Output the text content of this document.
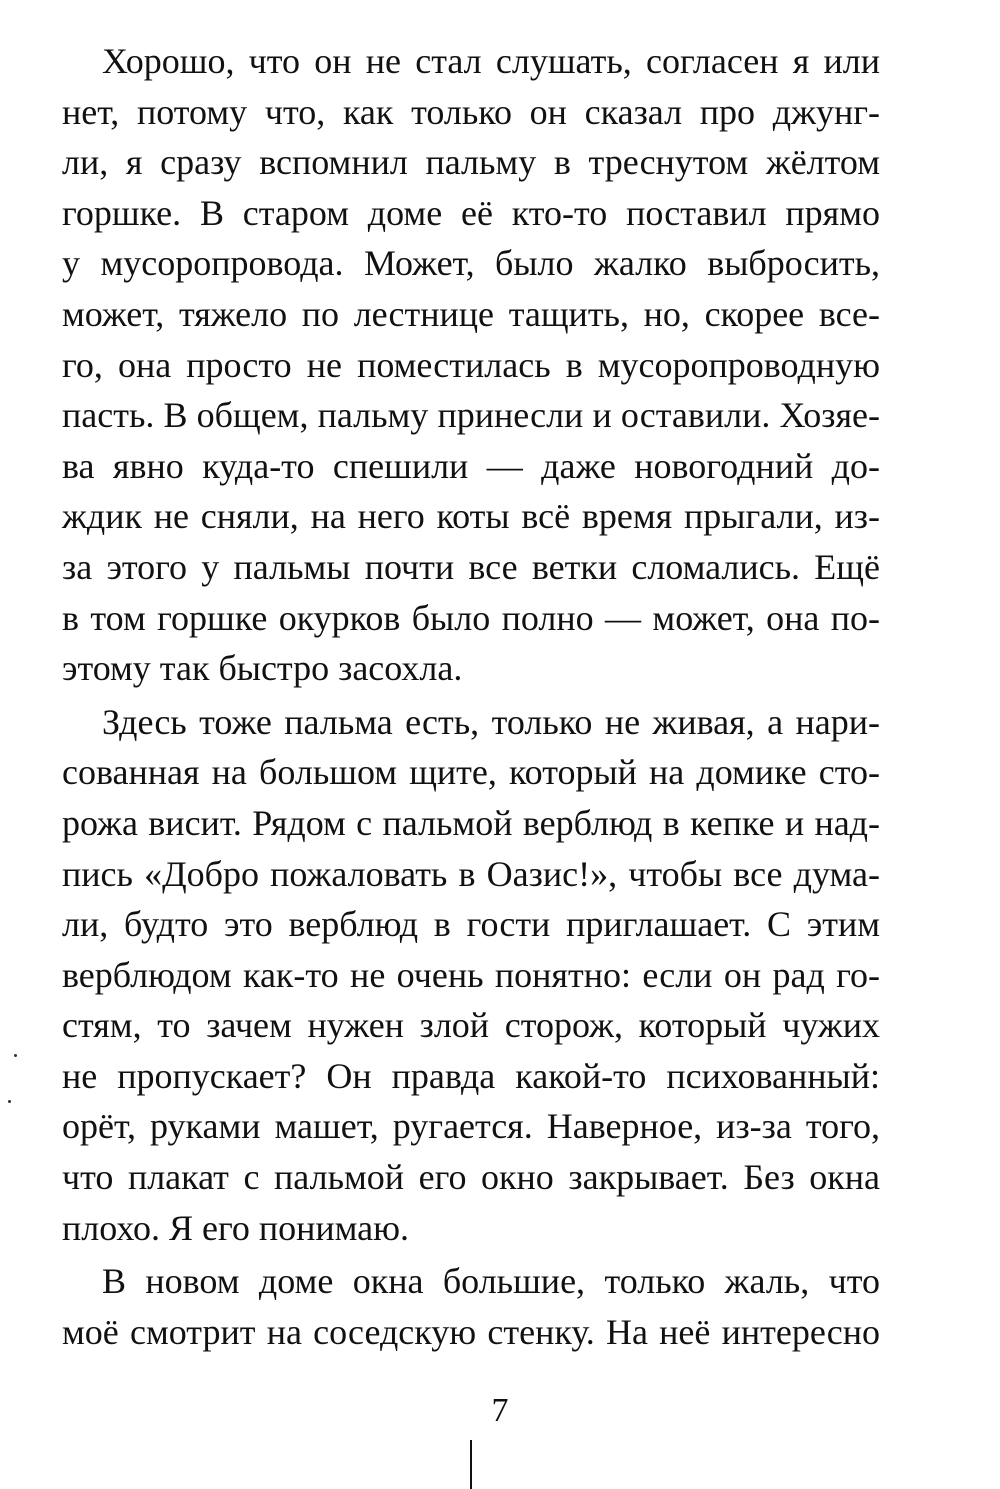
Хорошо, что он не стал слушать, согласен я или
нет, потому что, как только он сказал про джунг-
ли, я сразу вспомнил пальму в треснутом жёлтом
горшке. В старом доме её кто-то поставил прямо
у мусоропровода. Может, было жалко выбросить,
может, тяжело по лестнице тащить, но, скорее все-
го, она просто не поместилась в мусоропроводную
пасть. В общем, пальму принесли и оставили. Хозяе-
ва явно куда-то спешили — даже новогодний до-
ждик не сняли, на него коты всё время прыгали, из-
за этого у пальмы почти все ветки сломались. Ещё
в том горшке окурков было полно — может, она по-
этому так быстро засохла.
Здесь тоже пальма есть, только не живая, а нари-
сованная на большом щите, который на домике сто-
рожа висит. Рядом с пальмой верблюд в кепке и над-
пись «Добро пожаловать в Оазис!», чтобы все дума-
ли, будто это верблюд в гости приглашает. С этим
верблюдом как-то не очень понятно: если он рад го-
стям, то зачем нужен злой сторож, который чужих
не пропускает? Он правда какой-то психованный:
орёт, руками машет, ругается. Наверное, из-за того,
что плакат с пальмой его окно закрывает. Без окна
плохо. Я его понимаю.
В новом доме окна большие, только жаль, что
моё смотрит на соседскую стенку. На неё интересно
7
